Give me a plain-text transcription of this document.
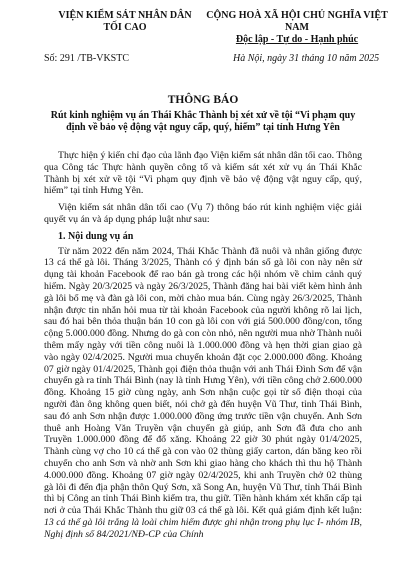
VIỆN KIỂM SÁT NHÂN DÂN
TỐI CAO
CỘNG HOÀ XÃ HỘI CHỦ NGHĨA VIỆT NAM
Độc lập - Tự do - Hạnh phúc
Số: 291 /TB-VKSTC	Hà Nội, ngày 31 tháng 10 năm 2025
THÔNG BÁO
Rút kinh nghiệm vụ án Thái Khắc Thành bị xét xử về tội “Vi phạm quy định về bảo vệ động vật nguy cấp, quý, hiếm” tại tỉnh Hưng Yên

Thực hiện ý kiến chỉ đạo của lãnh đạo Viện kiểm sát nhân dân tối cao. Thông qua Công tác Thực hành quyền công tố và kiểm sát xét xử vụ án Thái Khắc Thành bị xét xử về tội “Vi phạm quy định về bảo vệ động vật nguy cấp, quý, hiếm” tại tỉnh Hưng Yên.

Viện kiểm sát nhân dân tối cao (Vụ 7) thông báo rút kinh nghiệm việc giải quyết vụ án và áp dụng pháp luật như sau:

1. Nội dung vụ án

Từ năm 2022 đến năm 2024, Thái Khắc Thành đã nuôi và nhân giống được 13 cá thể gà lôi. Tháng 3/2025, Thành có ý định bán số gà lôi con này nên sử dụng tài khoản Facebook để rao bán gà trong các hội nhóm về chim cảnh quý hiếm. Ngày 20/3/2025 và ngày 26/3/2025, Thành đăng hai bài viết kèm hình ảnh gà lôi bố mẹ và đàn gà lôi con, mời chào mua bán. Cùng ngày 26/3/2025, Thành nhận được tin nhắn hỏi mua từ tài khoản Facebook của người không rõ lai lịch, sau đó hai bên thỏa thuận bán 10 con gà lôi con với giá 500.000 đồng/con, tổng cộng 5.000.000 đồng. Nhưng do gà con còn nhỏ, nên người mua nhờ Thành nuôi thêm mấy ngày với tiền công nuôi là 1.000.000 đồng và hẹn thời gian giao gà vào ngày 02/4/2025. Người mua chuyển khoản đặt cọc 2.000.000 đồng. Khoảng 07 giờ ngày 01/4/2025, Thành gọi điện thỏa thuận với anh Thái Đình Sơn để vận chuyển gà ra tỉnh Thái Bình (nay là tỉnh Hưng Yên), với tiền công chở 2.600.000 đồng. Khoảng 15 giờ cùng ngày, anh Sơn nhận cuộc gọi từ số điện thoại của người đàn ông không quen biết, nói chở gà đến huyện Vũ Thư, tỉnh Thái Bình, sau đó anh Sơn nhận được 1.000.000 đồng ứng trước tiền vận chuyển. Anh Sơn thuê anh Hoàng Văn Truyền vận chuyển gà giúp, anh Sơn đã đưa cho anh Truyền 1.000.000 đồng để đổ xăng. Khoảng 22 giờ 30 phút ngày 01/4/2025, Thành cùng vợ cho 10 cá thể gà con vào 02 thùng giấy carton, dán băng keo rồi chuyển cho anh Sơn và nhờ anh Sơn khi giao hàng cho khách thì thu hộ Thành 4.000.000 đồng. Khoảng 07 giờ ngày 02/4/2025, khi anh Truyền chở 02 thùng gà lôi đi đến địa phận thôn Quý Sơn, xã Song An, huyện Vũ Thư, tỉnh Thái Bình thì bị Công an tỉnh Thái Bình kiểm tra, thu giữ. Tiền hành khám xét khẩn cấp tại nơi ở của Thái Khắc Thành thu giữ 03 cá thể gà lôi. Kết quả giám định kết luận: 13 cá thể gà lôi trắng là loài chim hiếm được ghi nhận trong phụ lục I- nhóm IB, Nghị định số 84/2021/NĐ-CP của Chính
